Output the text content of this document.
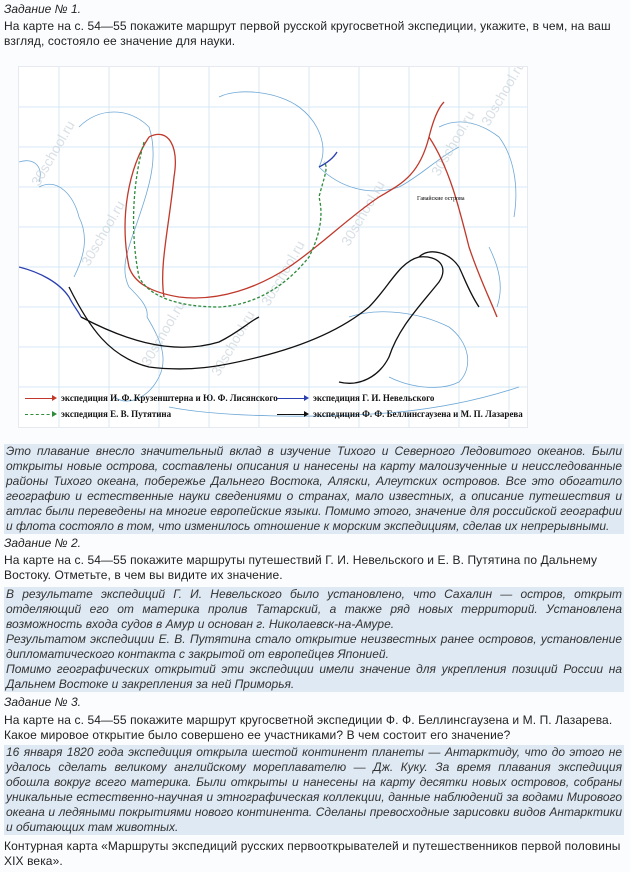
Задание № 1.
На карте на с. 54—55 покажите маршрут первой русской кругосветной экспедиции, укажите, в чем, на ваш взгляд, состояло ее значение для науки.
30school.ru
30school.ru
30school.ru 30school.ru
30school.ru
30school.ru
30school.ru
30school.ru
Гавайские острова
экспедиция И. Ф. Крузенштерна и Ю. Ф. Лисянского
экспедиция Е. В. Путятина
экспедиция Г. И. Невельского
экспедиция Ф. Ф. Беллинсгаузена и М. П. Лазарева
Это плавание внесло значительный вклад в изучение Тихого и Северного Ледовитого океанов. Были открыты новые острова, составлены описания и нанесены на карту малоизученные и неисследованные районы Тихого океана, побережье Дальнего Востока, Аляски, Алеутских островов. Все это обогатило географию и естественные науки сведениями о странах, мало известных, а описание путешествия и атлас были переведены на многие европейские языки. Помимо этого, значение для российской географии и флота состояло в том, что изменилось отношение к морским экспедициям, сделав их непрерывными.
Задание № 2.
На карте на с. 54—55 покажите маршруты путешествий Г. И. Невельского и Е. В. Путятина по Дальнему Востоку. Отметьте, в чем вы видите их значение.

В результате экспедиций Г. И. Невельского было установлено, что Сахалин — остров, открыт отделяющий его от материка пролив Татарский, а также ряд новых территорий. Установлена возможность входа судов в Амур и основан г. Николаевск-на-Амуре.

Результатом экспедиции Е. В. Путятина стало открытие неизвестных ранее островов, установление дипломатического контакта с закрытой от европейцев Японией.

Помимо географических открытий эти экспедиции имели значение для укрепления позиций России на Дальнем Востоке и закрепления за ней Приморья.

Задание № 3.
На карте на с. 54—55 покажите маршрут кругосветной экспедиции Ф. Ф. Беллинсгаузена и М. П. Лазарева. Какое мировое открытие было совершено ее участниками? В чем состоит его значение?
16 января 1820 года экспедиция открыла шестой континент планеты — Антарктиду, что до этого не удалось сделать великому английскому мореплавателю — Дж. Куку. За время плавания экспедиция обошла вокруг всего материка. Были открыты и нанесены на карту десятки новых островов, собраны уникальные естественно-научная и этнографическая коллекции, данные наблюдений за водами Мирового океана и ледяными покрытиями нового континента. Сделаны превосходные зарисовки видов Антарктики и обитающих там животных.
Контурная карта «Маршруты экспедиций русских первооткрывателей и путешественников первой половины XIX века».
